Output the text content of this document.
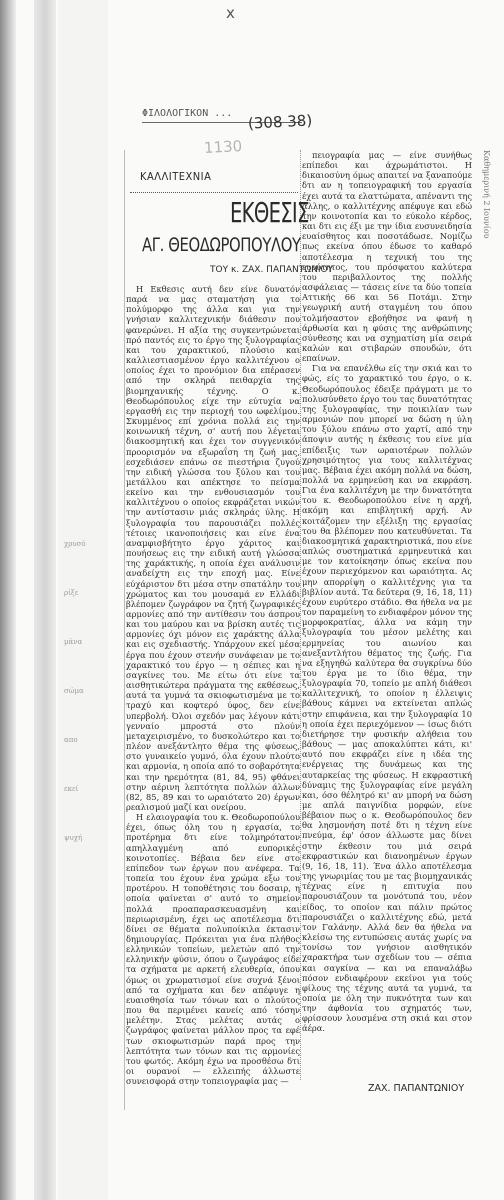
χρυσό
ρίξε
μάνα
σώμα
απο
εκεί
ψυχή
x
ΦΙΛΟΛΟΓΙΚΟΝ ... (308 38)
1130
ΚΑΛΛΙΤΕΧΝΙΑ
ΕΚΘΕΣΙΣ
ΑΓ. ΘΕΟΔΩΡΟΠΟΥΛΟΥ
ΤΟΥ κ. ΖΑΧ. ΠΑΠΑΝΤΩΝΙΟΥ

Η Εκθεσις αυτή δεν είνε δυνατόν παρά να μας σταματήση για το πολύμορφο της άλλα και για την γνήσιαν καλλιτεχνικήν διάθεσιν που φανερώνει. Η αξία της συγκεντρώνεται πρό παντός εις το έργο της ξυλογραφίας και του χαρακτικού, πλούσιο και καλλιεστιασμένον έργο καλλιτέχνου ο οποίος έχει το προνόμιον δια επέρασεν από την σκληρά πειθαρχία της βιομηχανικής τέχνης. Ο κ. Θεοδωρόπουλος είχε την εύτυχία να εργασθή εις την περιοχή του ωφελίμου. Σκυμμένος επί χρόνια πολλά εις την κοινωνική τέχνη, σ' αυτή που λέγεται διακοσμητική και έχει τον συγγενικόν προορισμόν να εξωραΐση τη ζωή μας, εσχεδιάσεν επάνω σε πιεστήρια ζυγού την ειδική γλώσσα του ξύλου και του μετάλλου και απέκτησε το πείσμα εκείνο και την ενθουσιασμόν του καλλιτέχνου ο οποίος εκφράζεται νικών την αντίστασιν μιάς σκληράς ύλης. Η ξυλογραφία του παρουσιάζει πολλές τέτοιες ικανοποιήσεις και είνε ένα αναμφισβήτητο έργο χάριτος και πουήσεως εις την ειδική αυτή γλώσσα της χαράκτικής, η οποία έχει ανάλυσιν αναδείχτη εις την εποχή μας. Είνε εύχάριστον δτι μέσα στην σπατάλην του χρώματος και του μουσαμά εν Ελλάδι βλέπομεν ζωγράφον να ζητή ζωγραφικές αρμονίες από την αντίθεσιν του άσπρου και του μαύρου και να βρίσκη αυτές τις αρμονίες όχι μόνον εις χαράκτης άλλα και εις σχεδιαστής. Υπάρχουν εκεί μέσα έργα που έχουν στενήν συνάφειαν με το χαρακτικό του έργο — η σέπιες και η σαγκίνες του. Με είτω ότι είνε τα αισθητικώτερα πράγματα της εκθέσεως, αυτά τα γυμνά τα σκιοφωτισμένα με το τραχύ και κοφτερό ύφος, δεν είνε υπερβολή. Όλοι σχεδόν μας λέγουν κάτι γενναίο μπροστά στο πλούν μεταχειρισμένο, το δυσκολώτερο και το πλέον ανεξάντλητο θέμα της φύσεως, στο γυναικείο γυμνό, όλα έχουν πλούτο και αρμονία, η οποία από το σοβαρότητα και την ηρεμότητα (81, 84, 95) φθάνει στην αέρινη λεπτότητα πολλών άλλων (82, 85, 89 και το ωραιότατο 20) έργων ρεαλισμού μαζί και ονείρου.

Η ελαιογραφία του κ. Θεοδωροπούλου έχει, όπως όλη του η εργασία, το προτέρημα δτι είνε τολμηρότατον απηλλαγμένη από ευπορικές κοινοτοπίες. Βέβαια δεν είνε στο επίπεδον των έργων που ανέφερα. Τα τοπεία του έχουν ένα χρώμα εξω του προτέρου. Η τοποθέτησις του δοσαιρ, η οποία φαίνεται σ' αυτό το σημείον πολλά προαπαρασκευασμένη και περιωρισμένη, έχει ως αποτέλεσμα δτι δίνει σε θέματα πολυποίκιλα έκτασιν δημιουργίας. Πρόκειται για ένα πλήθος ελληνικών τοπείων, μελετών από την ελληνικήν φύσιν, όπου ο ζωγράφος είδε τα σχήματα με αρκετή ελευθερία, όπου όμως οι χρωματισμοί είνε συχνά ξένοι από τα σχήματα και δεν απέφυγε η ευαισθησία των τόνων και ο πλούτος που θα περιμένει κανείς από τόσην μελέτην. Στας μελέτας αυτάς ο ζωγράφος φαίνεται μάλλον προς τα εφέ των σκιοφωτισμών παρά προς την λεπτότητα των τόνων και τις αρμονίες του φωτός. Ακόμη έχω να προσθέσω δτι οι ουρανοί — ελλειπής άλλωστε συνεισφορά στην τοπειογραφία μας —

πειογραφία μας — είνε συνήθως επίπεδοι και άχρωμάτιστοι. Η δικαιοσύνη όμως απαιτεί να ξαναπούμε δτι αν η τοπειογραφική του εργασία έχει αυτά τα ελαττώματα, απέναντι της άλλης, ο καλλιτέχνης απέφυγε και εδώ την κοινοτοπία και το εύκολο κέρδος, και δτι εις έξι με την ίδια ευσυνειδησία ευαίσθητος και ποσοτάδωσε. Νομίζω πως εκείνα όπου έδωσε το καθαρό αποτέλεσμα η τεχνική του της ευρύτητος, του πρόσφατου καλύτερα του περιβαλλοντος της πολλής ασφάλειας — τάσεις είνε τα δύο τοπεία Αττικής 66 και 56 Ποτάμι. Στην γεωγρική αυτή σταγμένη του όπου τολμήσαστον εβοήθησε να φανή η άρθωσία και η φύσις της ανθρώπινης σύνθεσης και να σχηματίση μία σειρά καλών και στιβαρών σπουδών, ότι επαίνων.

Για να επανέλθω είς την σκιά και το φώς, είς το χαρακτικό του έργο, ο κ. Θεοδωρόπουλος έδειξε πράγματι με το πολυσύνθετο έργο του τας δυνατότητας της ξυλογραφίας, την ποικιλίαν των αρμονιών που μπορεί να δώση η ύλη του ξύλου επάνω στο χαρτί, από την άποψιν αυτής η έκθεσις του είνε μία επίδειξις των ωραιοτέρων πολλών χρησιμότητος για τους καλλιτέχνας μας. Βέβαια έχει ακόμη πολλά να δώση, πολλά να ερμηνεύση και να εκφράση. Για ένα καλλιτέχνη με την δυνατότητα του κ. Θεοδωροπούλου είνε η αρχή, ακόμη και επιβλητική αρχή. Αν κοιτάζομεν την εξέλιξη της εργασίας του θα βλέπομεν που κατευθύνεται. Τα διακοσμητικά χαρακτηριστικά, που είνε απλώς συστηματικά ερμηνευτικά και με τον κατοίκησην όπως εκείνα που έχουν περιεχόμενον και ωραιότητα. Ας μην απορρίψη ο καλλιτέχνης για τα βιβλίον αυτά. Τα δεύτερα (9, 16, 18, 11) έχουν ευρύτερο στάδιο. Θα ήθελα να με τον παραμείνη το ενδιαφέρον μόνον της μορφοκρατίας, άλλα να κάμη την ξυλογραφία του μέσον μελέτης και ερμηνείας του αιωνίου και ανεξαντλήτου θέματος της ζωής. Για να εξηγηθώ καλύτερα θα συγκρίνω δύο του έργα με το ίδιο θέμα, την ξυλογραφία 70, τοπείο με απλή διάθεσι καλλιτεχνική, το οποίον η έλλειψις βάθους κάμνει να εκτείνεται απλώς στην επιφάνεια, και την ξυλογραφία 10 η οποία έχει περιεχόμενον — ίσως διότι διετήρησε την φυσικήν αλήθεια του βάθους — μας αποκαλύπτει κάτι, κι' αυτό που εκφράζει είνε η ιδέα της ενέργειας της δυνάμεως και της αυταρκείας της φύσεως. Η εκφραστική δύναμις της ξυλογραφίας είνε μεγάλη και, όσο θέλητρό κι' αν μπορή να δώση με απλά παιγνίδια μορφών, είνε βέβαιον πως ο κ. Θεοδωρόπουλος δεν θα λησμονήση ποτέ δτι η τέχνη είνε πνεύμα, έφ' όσον άλλωστε μας δίνει στην έκθεσιν του μιά σειρά εκφραστικών και διανοημένων έργων (9, 16, 18, 11). Ένα άλλο αποτέλεσμα της γνωριμίας του με τας βιομηχανικάς τέχνας είνε η επιτυχία που παρουσιάζουν τα μονότυπά του, νέον είδος, το οποίον και πάλιν πρώτος παρουσιάζει ο καλλιτέχνης εδώ, μετά τον Γαλάνην. Αλλά δεν θα ήθελα να κλείσω της εντυπώσεις αυτάς χωρίς να τονίσω τον γνήσιον αισθητικόν χαρακτήρα των σχεδίων του — σέπια και σαγκίνα — και να επαναλάβω πόσον ενδιαφέρουν εκείνοι για τούς φίλους της τέχνης αυτά τα γυμνά, τα οποία με όλη την πυκνότητα των και την άφθονία του σχηματός των, φρίσσουν λουσμένα στη σκιά και στον άέρα.

ΖΑΧ. ΠΑΠΑΝΤΩΝΙΟΥ
Καθημερινή 2 Ιουνίου
